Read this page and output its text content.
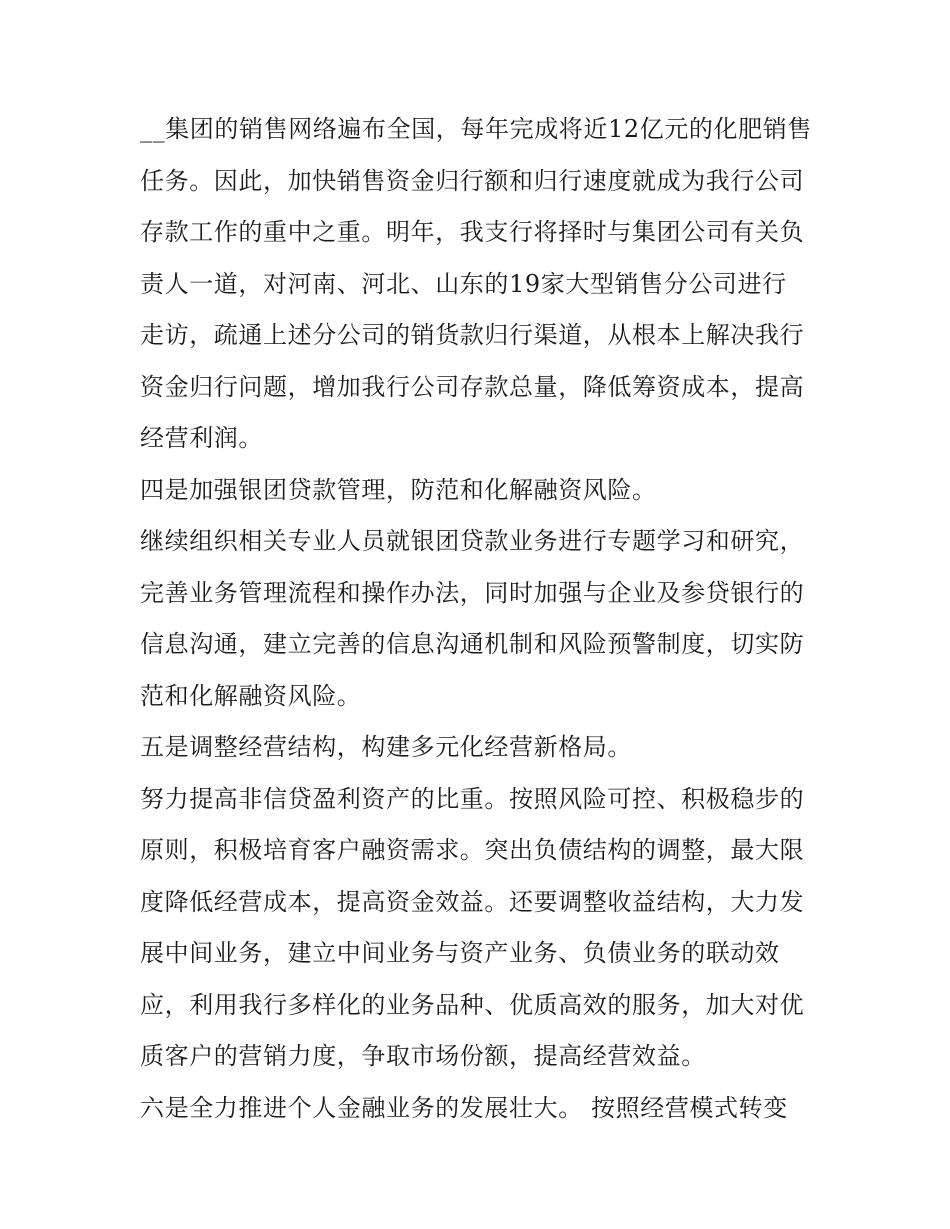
__集团的销售网络遍布全国，每年完成将近12亿元的化肥销售
任务。因此，加快销售资金归行额和归行速度就成为我行公司
存款工作的重中之重。明年，我支行将择时与集团公司有关负
责人一道，对河南、河北、山东的19家大型销售分公司进行
走访，疏通上述分公司的销货款归行渠道，从根本上解决我行
资金归行问题，增加我行公司存款总量，降低筹资成本，提高
经营利润。
四是加强银团贷款管理，防范和化解融资风险。
继续组织相关专业人员就银团贷款业务进行专题学习和研究，
完善业务管理流程和操作办法，同时加强与企业及参贷银行的
信息沟通，建立完善的信息沟通机制和风险预警制度，切实防
范和化解融资风险。
五是调整经营结构，构建多元化经营新格局。
努力提高非信贷盈利资产的比重。按照风险可控、积极稳步的
原则，积极培育客户融资需求。突出负债结构的调整，最大限
度降低经营成本，提高资金效益。还要调整收益结构，大力发
展中间业务，建立中间业务与资产业务、负债业务的联动效
应，利用我行多样化的业务品种、优质高效的服务，加大对优
质客户的营销力度，争取市场份额，提高经营效益。
六是全力推进个人金融业务的发展壮大。 按照经营模式转变
